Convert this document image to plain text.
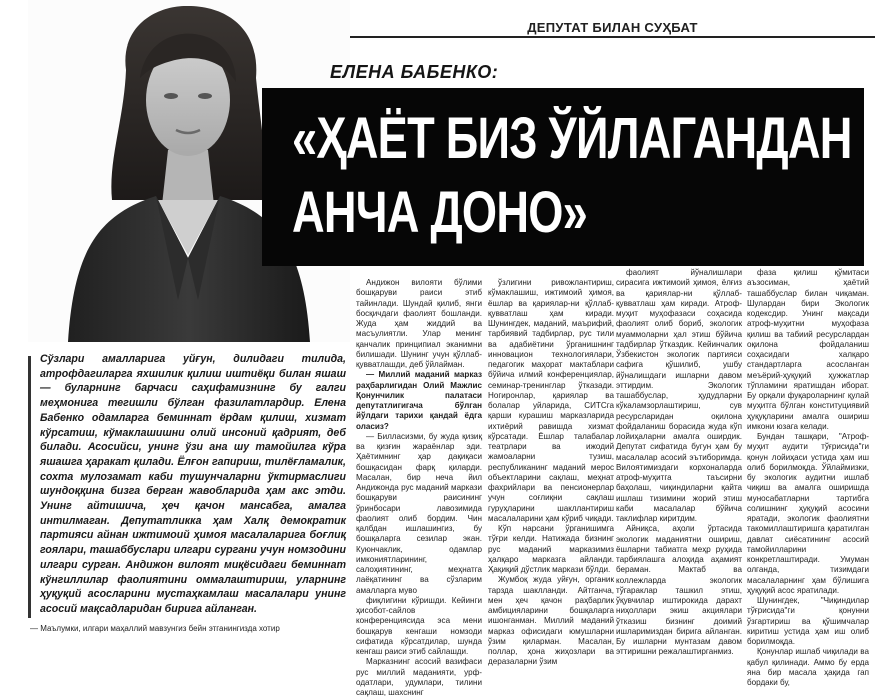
ДЕПУТАТ БИЛАН СУҲБАТ
ЕЛЕНА БАБЕНКО:
«ҲАЁТ БИЗ ЎЙЛАГАНДАН
АНЧА ДОНО»

Сўзлари амалларига уйғун, дилидаги тилида, атрофдагиларга яхшилик қилиш иштиёқи билан яшаш — буларнинг барчаси саҳифамизнинг бу галги меҳмонига тегишли бўлган фазилатлардир. Елена Бабенко одамларга беминнат ёрдам қилиш, хизмат кўрсатиш, кўмаклашишни олий инсоний қадрият, деб билади. Асосийси, унинг ўзи ана шу тамойилга кўра яшашга ҳаракат қилади. Ёлғон гапириш, тилёғламалик, сохта мулозамат каби тушунчаларни ўктирмаслиги шундоққина бизга берган жавобларида ҳам акс этди. Унинг айтишича, ҳеч қачон мансабга, амалга интилмаган. Депутатликка ҳам Халқ демократик партияси айнан ижтимоий ҳимоя масалаларига боғлиқ гоялари, ташаббуслари илгари сургани учун номзодини илгари сурган. Андижон вилоят миқёсидаги беминнат кўнгиллилар фаолиятини оммалаштириш, уларнинг ҳуқуқий асосларини мустаҳкамлаш масалалари унинг асосий мақсадларидан бирига айланган.

— Маълумки, илгари маҳаллий мавзунгиз бейн этганингизда хотир

Андижон вилояти бўлими бошқаруви раиси этиб тайинлади. Шундай қилиб, янги босқичдаги фаолият бошланди. Жуда ҳам жиддий ва масъулиятли. Улар менинг қанчалик принципиал эканимни билишади. Шунинг учун қўллаб-қувватлашди, деб ўйлайман.

— Миллий маданий марказ раҳбарлигидан Олий Мажлис Қонунчилик палатаси депутатлигигача бўлган йўлдаги тарихи қандай ёдга оласиз?

— Билласизми, бу жуда қизиқ ва қизғин жараёнлар эди. Ҳаётимнинг ҳар дақиқаси бошқасидан фарқ қиларди. Масалан, бир неча йил Андижонда рус маданий маркази бошқаруви раисининг ўринбосари лавозимида фаолият олиб бордим. Чин қалбдан ишлашингиз, бу бошқаларга сезилар экан. Куюнчаклик, одамлар имкониятларининг, салоҳиятининг, меҳнатга лаёқатининг ва сўзларим амалларга муво

фиқлигини кўришди. Кейинги ҳисобот-сайлов конференциясида эса мени бошқарув кенгаши номзоди сифатида кўрсатдилар, шунда кенгаш раиси этиб сайлашди.

Марказнинг асосий вазифаси рус миллий маданияти, урф-одатлари, удумлари, тилини сақлаш, шахснинг

ўзлигини ривожлантириш, кўмаклашиш, ижтимоий ҳимоя, ёшлар ва қариялар-ни қўллаб-қувватлаш ҳам киради. Шунингдек, маданий, маърифий, тарбиявий тадбирлар, рус тили ва адабиётини ўрганишнинг инновацион технологиялари, педагогик маҳорат мактаблари бўйича илмий конференциялар, семинар-тренинглар ўтказади. Ногиронлар, қариялар ва болалар уйларида, СИТСга қарши курашиш марказларида ихтиёрий равишда хизмат кўрсатади. Ёшлар талабалар театрлари ва ижодий жамоаларни тузиш, республиканинг маданий мерос объектларини сақлаш, меҳнат фахрийлари ва пенсионерлар учун соғлиқни сақлаш гуруҳларини шакллантириш масалаларини ҳам кўриб чиқади.

Кўп нарсани ўрганишимга тўғри келди. Натижада бизнинг рус маданий марказимиз ҳалқаро марказга айланди. Ҳақиқий дўстлик маркази бўлди.

Жумбоқ жуда уйғун, органик тарзда шаклланди. Айтганча, мен ҳеч қачон раҳбарлик амбицияларини бошқаларга ишонганман. Миллий маданий марказ офисидаги юмушларни ўзим қиларман. Масалан, поллар, ҳона жиҳозлари ва деразаларни ўзим

фаолият йўналишлари сирасига ижтимоий ҳимоя, ёлғиз ва қариялар-ни қўллаб-қувватлаш ҳам киради. Атроф-муҳит муҳофазаси соҳасида фаолият олиб бориб, экологик муаммоларни ҳал этиш бўйича тадбирлар ўтказдик. Кейинчалик Ўзбекистон экологик партияси сафига қўшилиб, ушбу йўналишдаги ишларни давом эттирдим. Экологик ташаббуслар, ҳудудларни кўкаламзорлаштириш, сув ресурсларидан оқилона фойдаланиш борасида жуда кўп лойиҳаларни амалга оширдик. Депутат сифатида бугун ҳам бу масалалар асосий эътиборимда. Вилоятимиздаги корхоналарда атроф-муҳитга таъсирни баҳолаш, чиқиндиларни қайта ишлаш тизимини жорий этиш каби масалалар бўйича таклифлар киритдим.

Айниқса, аҳоли ўртасида экологик маданиятни ошириш, ёшларни табиатга меҳр руҳида тарбиялашга алоҳида аҳамият бераман. Мактаб ва коллежларда экологик тўгараклар ташкил этиш, ўқувчилар иштирокида дарахт ниҳоллари экиш акциялари ўтказиш бизнинг доимий ишларимиздан бирига айланган. Бу ишларни мунтазам давом эттиришни режалаштирганмиз.

фаза қилиш қўмитаси аъзосиман, ҳаётий ташаббуслар билан чиқаман. Шулардан бири Экологик кодексдир. Унинг мақсади атроф-муҳитни муҳофаза қилиш ва табиий ресурслардан оқилона фойдаланиш соҳасидаги халқаро стандартларга асосланган меъёрий-ҳуқуқий ҳужжатлар тўпламини яратишдан иборат. Бу орқали фуқароларнинг қулай муҳитга бўлган конституциявий ҳуқуқларини амалга ошириш имкони юзага келади.

Бундан ташқари, "Атроф-муҳит аудити тўғрисида"ги қонун лойиҳаси устида ҳам иш олиб борилмоқда. Ўйлаймизки, бу экологик аудитни ишлаб чиқиш ва амалга оширишда муносабатларни тартибга солишнинг ҳуқуқий асосини яратади, экологик фаолиятни такомиллаштиришга қаратилган давлат сиёсатининг асосий тамойилларини конкретлаштиради. Умуман олганда, тизимдаги масалаларнинг ҳам бўлишига ҳуқуқий асос яратилади.

Шунингдек, "Чиқиндилар тўғрисида"ги қонунни ўзгартириш ва қўшимчалар киритиш устида ҳам иш олиб борилмоқда.

Қонунлар ишлаб чиқилади ва қабул қилинади. Аммо бу ерда яна бир масала ҳақида гап бордаки бу,
